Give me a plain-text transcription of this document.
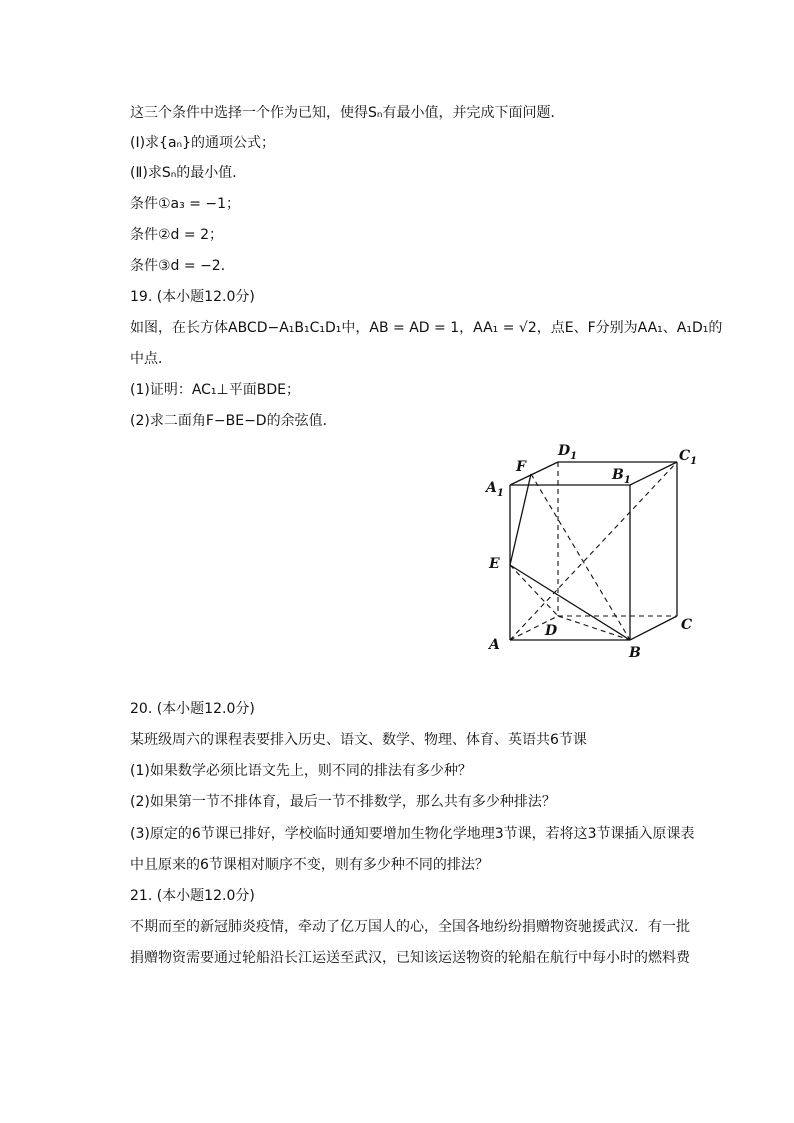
这三个条件中选择一个作为已知，使得Sₙ有最小值，并完成下面问题．
(Ⅰ)求{aₙ}的通项公式；
(Ⅱ)求Sₙ的最小值．
条件①a₃ = −1；
条件②d = 2；
条件③d = −2．
19. (本小题12.0分)
如图，在长方体ABCD−A₁B₁C₁D₁中，AB = AD = 1，AA₁ = √2，点E、F分别为AA₁、A₁D₁的
中点．
(1)证明：AC₁⊥平面BDE；
(2)求二面角F−BE−D的余弦值．
$A_1$
F
$D_1$
$B_1$
$C_1$
E
D	C
A	B
20. (本小题12.0分)
某班级周六的课程表要排入历史、语文、数学、物理、体育、英语共6节课
(1)如果数学必须比语文先上，则不同的排法有多少种？
(2)如果第一节不排体育，最后一节不排数学，那么共有多少种排法？
(3)原定的6节课已排好，学校临时通知要增加生物化学地理3节课，若将这3节课插入原课表
中且原来的6节课相对顺序不变，则有多少种不同的排法？
21. (本小题12.0分)
不期而至的新冠肺炎疫情，牵动了亿万国人的心，全国各地纷纷捐赠物资驰援武汉．有一批
捐赠物资需要通过轮船沿长江运送至武汉，已知该运送物资的轮船在航行中每小时的燃料费
